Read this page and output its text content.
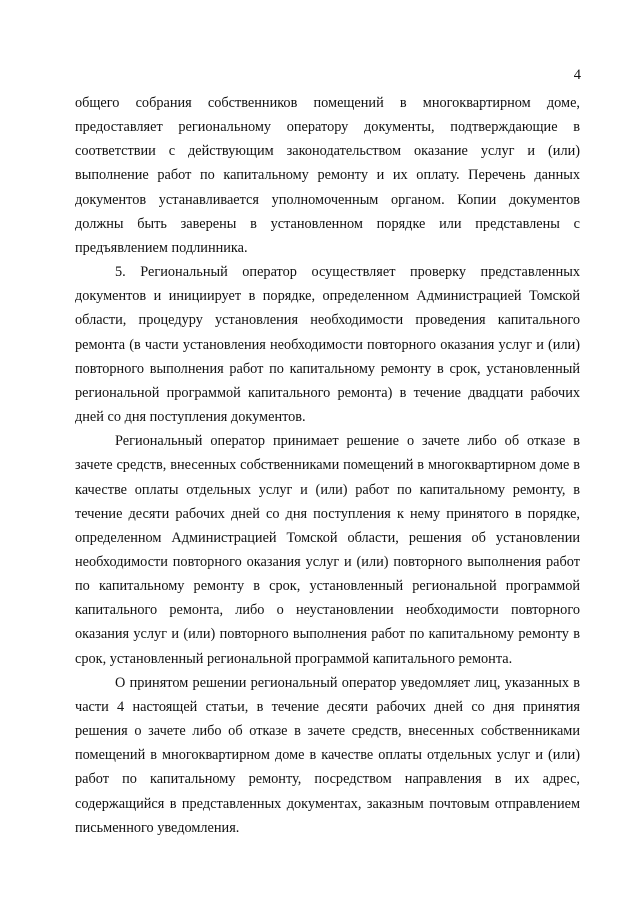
4

общего собрания собственников помещений в многоквартирном доме, предоставляет региональному оператору документы, подтверждающие в соответствии с действующим законодательством оказание услуг и (или) выполнение работ по капитальному ремонту и их оплату. Перечень данных документов устанавливается уполномоченным органом. Копии документов должны быть заверены в установленном порядке или представлены с предъявлением подлинника.

5. Региональный оператор осуществляет проверку представленных документов и инициирует в порядке, определенном Администрацией Томской области, процедуру установления необходимости проведения капитального ремонта (в части установления необходимости повторного оказания услуг и (или) повторного выполнения работ по капитальному ремонту в срок, установленный региональной программой капитального ремонта) в течение двадцати рабочих дней со дня поступления документов.

Региональный оператор принимает решение о зачете либо об отказе в зачете средств, внесенных собственниками помещений в многоквартирном доме в качестве оплаты отдельных услуг и (или) работ по капитальному ремонту, в течение десяти рабочих дней со дня поступления к нему принятого в порядке, определенном Администрацией Томской области, решения об установлении необходимости повторного оказания услуг и (или) повторного выполнения работ по капитальному ремонту в срок, установленный региональной программой капитального ремонта, либо о неустановлении необходимости повторного оказания услуг и (или) повторного выполнения работ по капитальному ремонту в срок, установленный региональной программой капитального ремонта.

О принятом решении региональный оператор уведомляет лиц, указанных в части 4 настоящей статьи, в течение десяти рабочих дней со дня принятия решения о зачете либо об отказе в зачете средств, внесенных собственниками помещений в многоквартирном доме в качестве оплаты отдельных услуг и (или) работ по капитальному ремонту, посредством направления в их адрес, содержащийся в представленных документах, заказным почтовым отправлением письменного уведомления.
